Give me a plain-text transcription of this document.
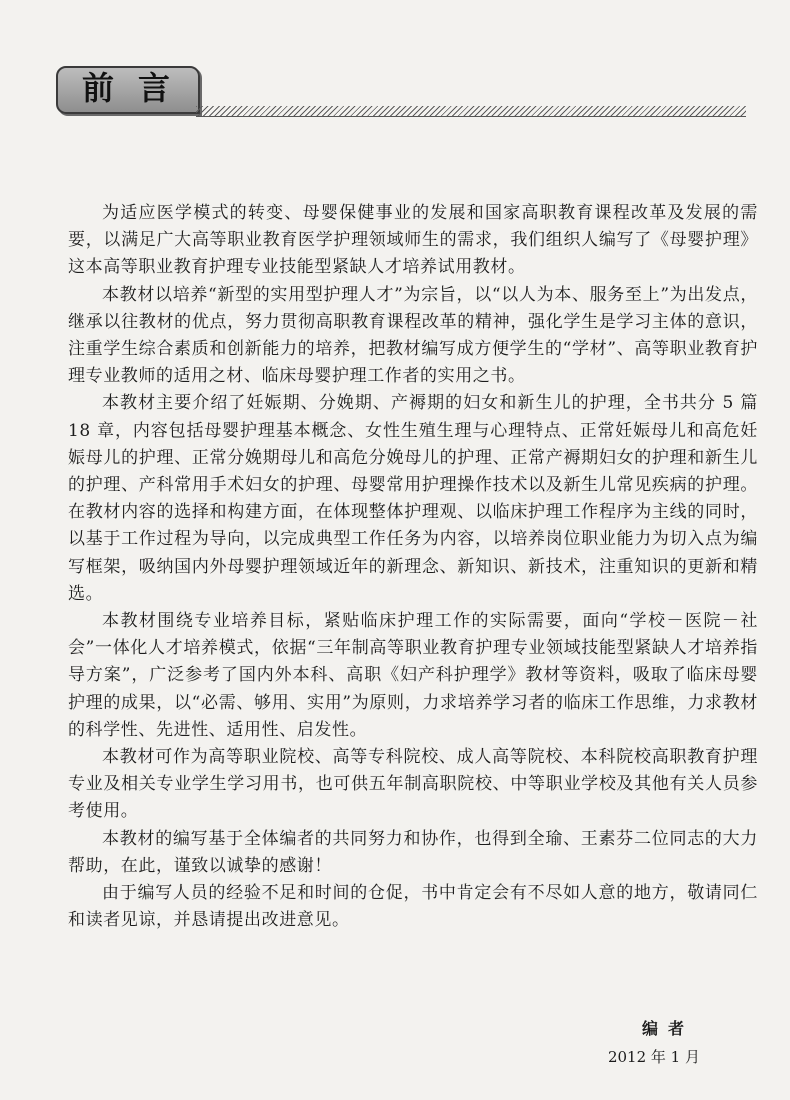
前言

为适应医学模式的转变、母婴保健事业的发展和国家高职教育课程改革及发展的需要，以满足广大高等职业教育医学护理领域师生的需求，我们组织人编写了《母婴护理》这本高等职业教育护理专业技能型紧缺人才培养试用教材。

本教材以培养“新型的实用型护理人才”为宗旨，以“以人为本、服务至上”为出发点，继承以往教材的优点，努力贯彻高职教育课程改革的精神，强化学生是学习主体的意识，注重学生综合素质和创新能力的培养，把教材编写成方便学生的“学材”、高等职业教育护理专业教师的适用之材、临床母婴护理工作者的实用之书。

本教材主要介绍了妊娠期、分娩期、产褥期的妇女和新生儿的护理，全书共分 5 篇 18 章，内容包括母婴护理基本概念、女性生殖生理与心理特点、正常妊娠母儿和高危妊娠母儿的护理、正常分娩期母儿和高危分娩母儿的护理、正常产褥期妇女的护理和新生儿的护理、产科常用手术妇女的护理、母婴常用护理操作技术以及新生儿常见疾病的护理。在教材内容的选择和构建方面，在体现整体护理观、以临床护理工作程序为主线的同时，以基于工作过程为导向，以完成典型工作任务为内容，以培养岗位职业能力为切入点为编写框架，吸纳国内外母婴护理领域近年的新理念、新知识、新技术，注重知识的更新和精选。

本教材围绕专业培养目标，紧贴临床护理工作的实际需要，面向“学校－医院－社会”一体化人才培养模式，依据“三年制高等职业教育护理专业领域技能型紧缺人才培养指导方案”，广泛参考了国内外本科、高职《妇产科护理学》教材等资料，吸取了临床母婴护理的成果，以“必需、够用、实用”为原则，力求培养学习者的临床工作思维，力求教材的科学性、先进性、适用性、启发性。

本教材可作为高等职业院校、高等专科院校、成人高等院校、本科院校高职教育护理专业及相关专业学生学习用书，也可供五年制高职院校、中等职业学校及其他有关人员参考使用。

本教材的编写基于全体编者的共同努力和协作，也得到全瑜、王素芬二位同志的大力帮助，在此，谨致以诚挚的感谢！

由于编写人员的经验不足和时间的仓促，书中肯定会有不尽如人意的地方，敬请同仁和读者见谅，并恳请提出改进意见。

编者
2012 年 1 月
